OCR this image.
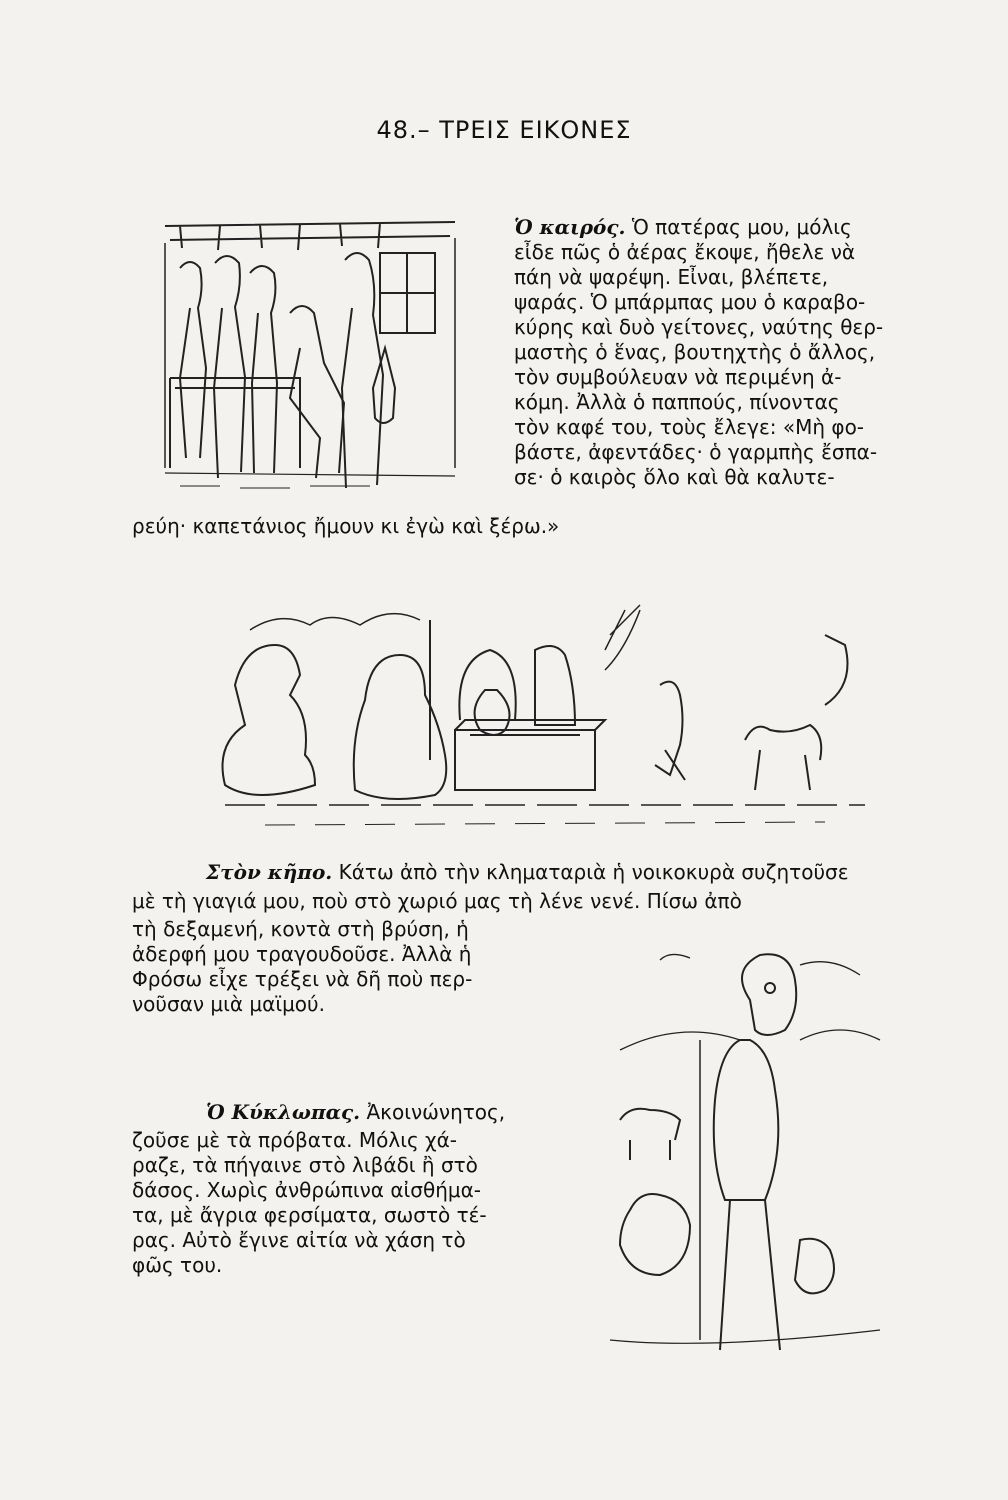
48.– ΤΡΕΙΣ ΕΙΚΟΝΕΣ

Ὁ καιρός. Ὁ πατέρας μου, μόλις
εἶδε πῶς ὁ ἀέρας ἔκοψε, ἤθελε νὰ
πάη νὰ ψαρέψη. Εἶναι, βλέπετε,
ψαράς. Ὁ μπάρμπας μου ὁ καραβο-
κύρης καὶ δυὸ γείτονες, ναύτης θερ-
μαστὴς ὁ ἕνας, βουτηχτὴς ὁ ἄλλος,
τὸν συμβούλευαν νὰ περιμένη ἀ-
κόμη. Ἀλλὰ ὁ παππούς, πίνοντας
τὸν καφέ του, τοὺς ἔλεγε: «Μὴ φο-
βάστε, ἀφεντάδες· ὁ γαρμπὴς ἔσπα-
σε· ὁ καιρὸς ὅλο καὶ θὰ καλυτε-

ρεύη· καπετάνιος ἤμουν κι ἐγὼ καὶ ξέρω.»

Στὸν κῆπο. Κάτω ἀπὸ τὴν κληματαριὰ ἡ νοικοκυρὰ συζητοῦσε

μὲ τὴ γιαγιά μου, ποὺ στὸ χωριό μας τὴ λένε νενέ. Πίσω ἀπὸ

τὴ δεξαμενή, κοντὰ στὴ βρύση, ἡ
ἀδερφή μου τραγουδοῦσε. Ἀλλὰ ἡ
Φρόσω εἶχε τρέξει νὰ δῆ ποὺ περ-
νοῦσαν μιὰ μαϊμού.

Ὁ Κύκλωπας. Ἀκοινώνητος,

ζοῦσε μὲ τὰ πρόβατα. Μόλις χά-
ραζε, τὰ πήγαινε στὸ λιβάδι ἢ στὸ
δάσος. Χωρὶς ἀνθρώπινα αἰσθήμα-
τα, μὲ ἄγρια φερσίματα, σωστὸ τέ-
ρας. Αὐτὸ ἔγινε αἰτία νὰ χάση τὸ
φῶς του.
